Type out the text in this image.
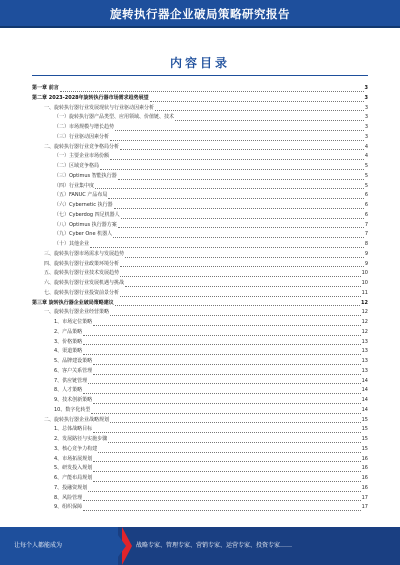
旋转执行器企业破局策略研究报告
内容目录
第一章 前言	3
第二章 2023-2028年旋转执行器市场需求趋势展望	3
一、旋转执行器行业发展现状与行业驱动因素分析	3
（一）旋转执行器产品类型、应用领域、价值链、技术	3
（二）市场规模与增长趋势	3
（三）行业驱动因素分析	3
二、旋转执行器行业竞争格局分析	4
（一）主要企业市场份额	4
（二）区域竞争格局	5
（三）Optimus 智能执行器	5
（四）行业集中度	5
（五）FANUC 产品布局	6
（六）Cybernetic 执行器	6
（七）Cyberdog 四足机器人	6
（八）Optimus 执行器方案	7
（九）Cyber One 机器人	7
（十）其他企业	8
三、旋转执行器市场需求与发展趋势	9
四、旋转执行器行业政策环境分析	9
五、旋转执行器行业技术发展趋势	10
六、旋转执行器行业发展机遇与挑战	10
七、旋转执行器行业投资前景分析	11
第三章 旋转执行器企业破局策略建议	12
一、旋转执行器企业经营策略	12
1、市场定位策略	12
2、产品策略	12
3、价格策略	13
4、渠道策略	13
5、品牌建设策略	13
6、客户关系管理	13
7、供应链管理	14
8、人才策略	14
9、技术创新策略	14
10、数字化转型	14
二、旋转执行器企业战略规划	15
1、总体战略目标	15
2、发展路径与实施步骤	15
3、核心竞争力构建	15
4、市场拓展规划	16
5、研发投入规划	16
6、产能布局规划	16
7、投融资规划	16
8、风险管理	17
9、组织保障	17
让每个人都能成为	战略专家、管理专家、营销专家、运营专家、投资专家……
